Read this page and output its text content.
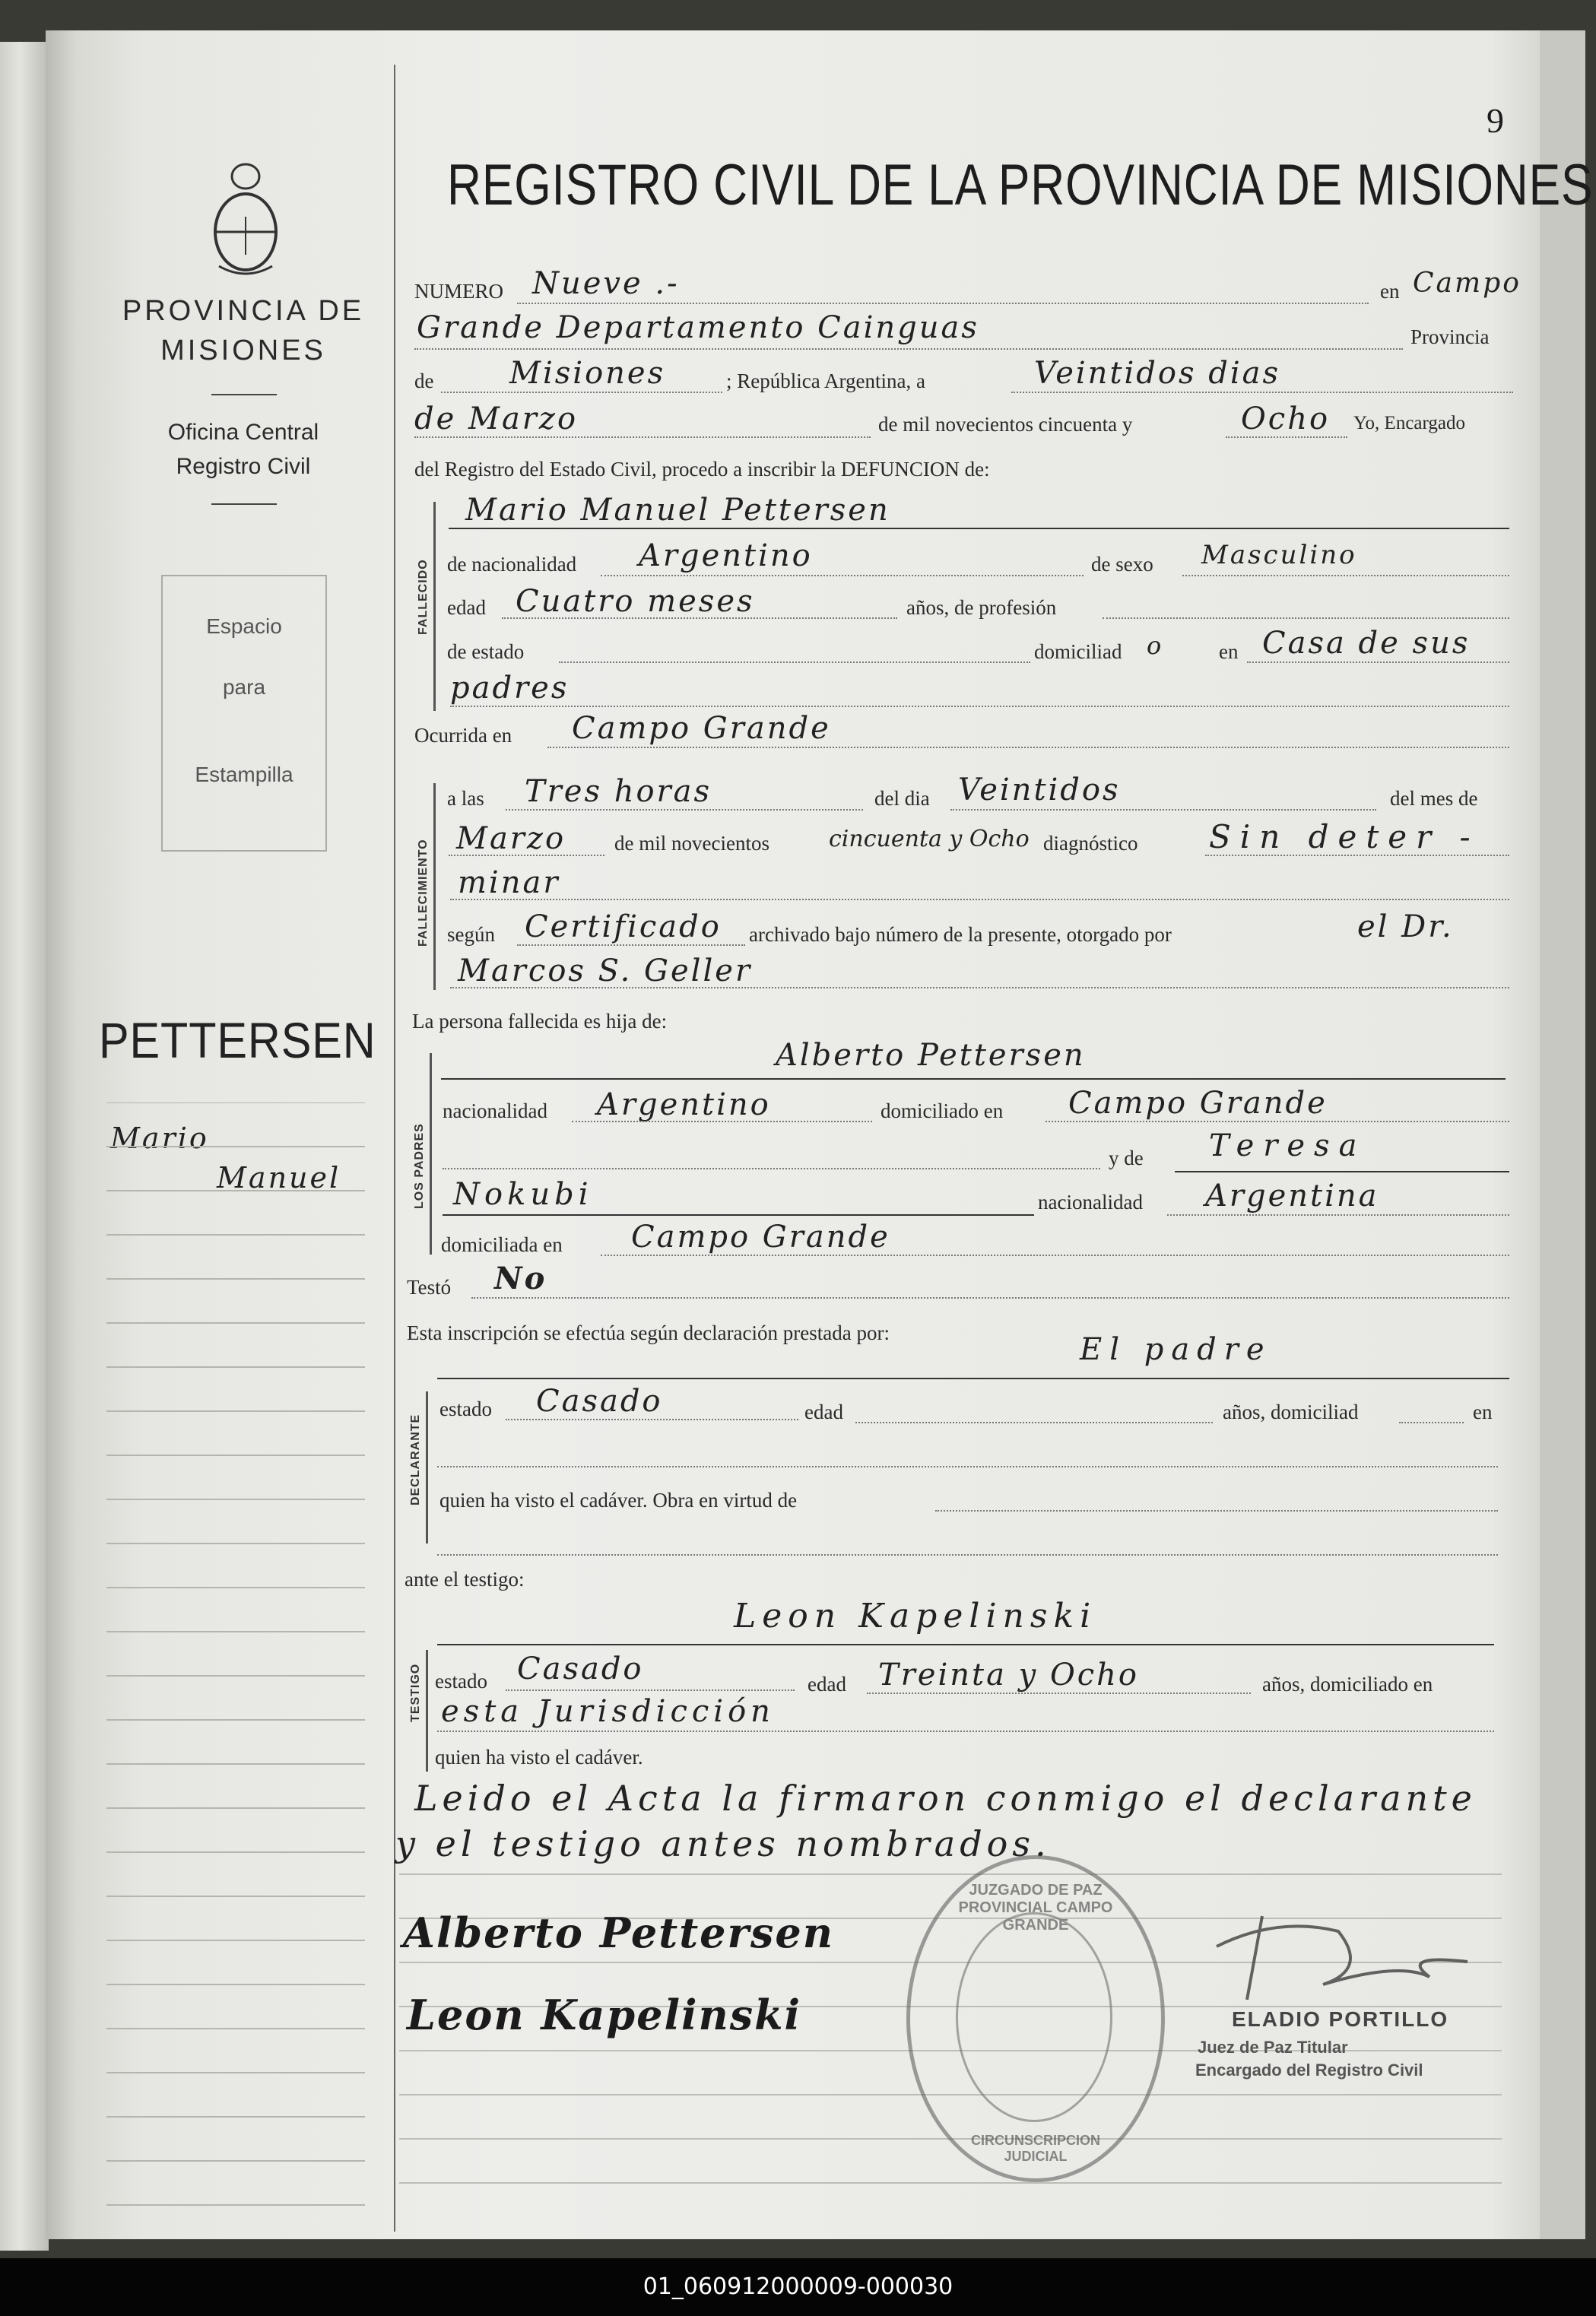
PROVINCIA DE
MISIONES
Oficina Central
Registro Civil
Espacio
para
Estampilla
PETTERSEN
Mario
Manuel
9
REGISTRO CIVIL DE LA PROVINCIA DE MISIONES
NUMERO Nueve .-	en Campo
Grande Departamento Cainguas	Provincia
de Misiones	; República Argentina, a	Veintidos dias
de Marzo	de mil novecientos cincuenta y	Ocho Yo, Encargado
del Registro del Estado Civil, procedo a inscribir la DEFUNCION de:
FALLECIDO
Mario Manuel Pettersen
de nacionalidad Argentino	de sexo Masculino
edad Cuatro meses	años, de profesión
de estado	domiciliad o	en Casa de sus
padres
Ocurrida en Campo Grande
FALLECIMIENTO
a las Tres horas	del dia Veintidos	del mes de
Marzo de mil novecientos	cincuenta y Ocho diagnóstico Sin deter -
minar
según Certificado archivado bajo número de la presente, otorgado por	el Dr.
Marcos S. Geller
La persona fallecida es hija de:
LOS PADRES
Alberto Pettersen
nacionalidad Argentino	domiciliado en Campo Grande
y de Teresa
Nokubi	nacionalidad Argentina
domiciliada en Campo Grande
Testó No
Esta inscripción se efectúa según declaración prestada por:	El padre
DECLARANTE
estado Casado	edad	años, domiciliad	en
quien ha visto el cadáver. Obra en virtud de
ante el testigo:
Leon Kapelinski
TESTIGO estado Casado	edad Treinta y Ocho	años, domiciliado en
esta Jurisdicción
quien ha visto el cadáver.
Leido el Acta la firmaron conmigo el declarante
y el testigo antes nombrados.
Alberto Pettersen
Leon Kapelinski
JUZGADO DE PAZ PROVINCIAL CAMPO GRANDE
CIRCUNSCRIPCION JUDICIAL
ELADIO PORTILLO
Juez de Paz Titular
Encargado del Registro Civil
01_060912000009-000030
